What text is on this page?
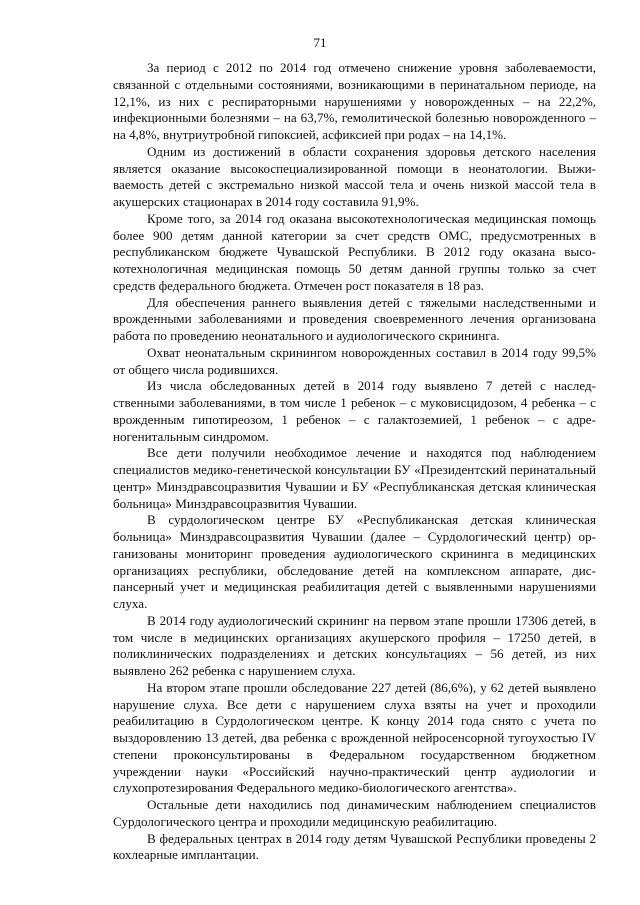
71

За период с 2012 по 2014 год отмечено снижение уровня заболеваемости, связанной с отдельными состояниями, возникающими в перинатальном периоде, на 12,1%, из них с респираторными нарушениями у новорожденных – на 22,2%, инфекционными болезнями – на 63,7%, гемолитической болезнью новорожденного – на 4,8%, внутриутробной гипоксией, асфиксией при родах – на 14,1%.

Одним из достижений в области сохранения здоровья детского населения является оказание высокоспециализированной помощи в неонатологии. Выживаемость детей с экстремально низкой массой тела и очень низкой массой тела в акушерских стационарах в 2014 году составила 91,9%.

Кроме того, за 2014 год оказана высокотехнологическая медицинская помощь более 900 детям данной категории за счет средств ОМС, предусмотренных в республиканском бюджете Чувашской Республики. В 2012 году оказана высокотехнологичная медицинская помощь 50 детям данной группы только за счет средств федерального бюджета. Отмечен рост показателя в 18 раз.

Для обеспечения раннего выявления детей с тяжелыми наследственными и врожденными заболеваниями и проведения своевременного лечения организована работа по проведению неонатального и аудиологического скрининга.

Охват неонатальным скринингом новорожденных составил в 2014 году 99,5% от общего числа родившихся.

Из числа обследованных детей в 2014 году выявлено 7 детей с наследственными заболеваниями, в том числе 1 ребенок – с муковисцидозом, 4 ребенка – с врожденным гипотиреозом, 1 ребенок – с галактоземией, 1 ребенок – с адреногенитальным синдромом.

Все дети получили необходимое лечение и находятся под наблюдением специалистов медико-генетической консультации БУ «Президентский перинатальный центр» Минздравсоцразвития Чувашии и БУ «Республиканская детская клиническая больница» Минздравсоцразвития Чувашии.

В сурдологическом центре БУ «Республиканская детская клиническая больница» Минздравсоцразвития Чувашии (далее – Сурдологический центр) организованы мониторинг проведения аудиологического скрининга в медицинских организациях республики, обследование детей на комплексном аппарате, диспансерный учет и медицинская реабилитация детей с выявленными нарушениями слуха.

В 2014 году аудиологический скрининг на первом этапе прошли 17306 детей, в том числе в медицинских организациях акушерского профиля – 17250 детей, в поликлинических подразделениях и детских консультациях – 56 детей, из них выявлено 262 ребенка с нарушением слуха.

На втором этапе прошли обследование 227 детей (86,6%), у 62 детей выявлено нарушение слуха. Все дети с нарушением слуха взяты на учет и проходили реабилитацию в Сурдологическом центре. К концу 2014 года снято с учета по выздоровлению 13 детей, два ребенка с врожденной нейросенсорной тугоухостью IV степени проконсультированы в Федеральном государственном бюджетном учреждении науки «Российский научно-практический центр аудиологии и слухопротезирования Федерального медико-биологического агентства».

Остальные дети находились под динамическим наблюдением специалистов Сурдологического центра и проходили медицинскую реабилитацию.

В федеральных центрах в 2014 году детям Чувашской Республики проведены 2 кохлеарные имплантации.
